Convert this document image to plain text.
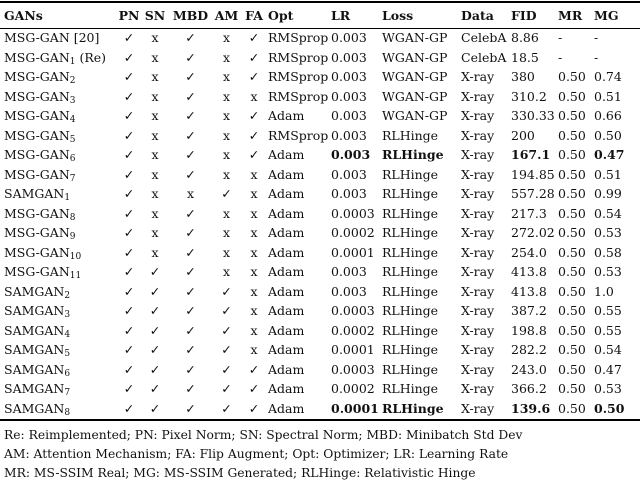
GANs	PN	SN	MBD	AM	FA	Opt	LR	Loss	Data	FID	MR	MG
MSG-GAN [20]	✓	x	✓	x	✓	RMSprop	0.003	WGAN-GP	CelebA	8.86	-	-
MSG-$GAN_1$ (Re)	✓	x	✓	x	✓	RMSprop	0.003	WGAN-GP	CelebA	18.5	-	-
MSG-$GAN_2$	✓	x	✓	x	✓	RMSprop	0.003	WGAN-GP	X-ray	380	0.50	0.74
MSG-$GAN_3$	✓	x	✓	x	x	RMSprop	0.003	WGAN-GP	X-ray	310.2	0.50	0.51
MSG-$GAN_4$	✓	x	✓	x	✓	Adam	0.003	WGAN-GP	X-ray	330.33	0.50	0.66
MSG-$GAN_5$	✓	x	✓	x	✓	RMSprop	0.003	RLHinge	X-ray	200	0.50	0.50
MSG-$GAN_6$	✓	x	✓	x	✓	Adam	0.003	RLHinge	X-ray	167.1	0.50	0.47
MSG-$GAN_7$	✓	x	✓	x	x	Adam	0.003	RLHinge	X-ray	194.85	0.50	0.51
$SAMGAN_1$	✓	x	x	✓	x	Adam	0.003	RLHinge	X-ray	557.28	0.50	0.99
MSG-$GAN_8$	✓	x	✓	x	x	Adam	0.0003	RLHinge	X-ray	217.3	0.50	0.54
MSG-$GAN_9$	✓	x	✓	x	x	Adam	0.0002	RLHinge	X-ray	272.02	0.50	0.53
MSG-$GAN_{10}$	✓	x	✓	x	x	Adam	0.0001	RLHinge	X-ray	254.0	0.50	0.58
MSG-$GAN_{11}$	✓	✓	✓	x	x	Adam	0.003	RLHinge	X-ray	413.8	0.50	0.53
$SAMGAN_2$	✓	✓	✓	✓	x	Adam	0.003	RLHinge	X-ray	413.8	0.50	1.0
$SAMGAN_3$	✓	✓	✓	✓	x	Adam	0.0003	RLHinge	X-ray	387.2	0.50	0.55
$SAMGAN_4$	✓	✓	✓	✓	x	Adam	0.0002	RLHinge	X-ray	198.8	0.50	0.55
$SAMGAN_5$	✓	✓	✓	✓	x	Adam	0.0001	RLHinge	X-ray	282.2	0.50	0.54
$SAMGAN_6$	✓	✓	✓	✓	✓	Adam	0.0003	RLHinge	X-ray	243.0	0.50	0.47
$SAMGAN_7$	✓	✓	✓	✓	✓	Adam	0.0002	RLHinge	X-ray	366.2	0.50	0.53
$SAMGAN_8$	✓	✓	✓	✓	✓	Adam	0.0001	RLHinge	X-ray	139.6	0.50	0.50
Re: Reimplemented; PN: Pixel Norm; SN: Spectral Norm; MBD: Minibatch Std Dev
AM: Attention Mechanism; FA: Flip Augment; Opt: Optimizer; LR: Learning Rate
MR: MS-SSIM Real; MG: MS-SSIM Generated; RLHinge: Relativistic Hinge
